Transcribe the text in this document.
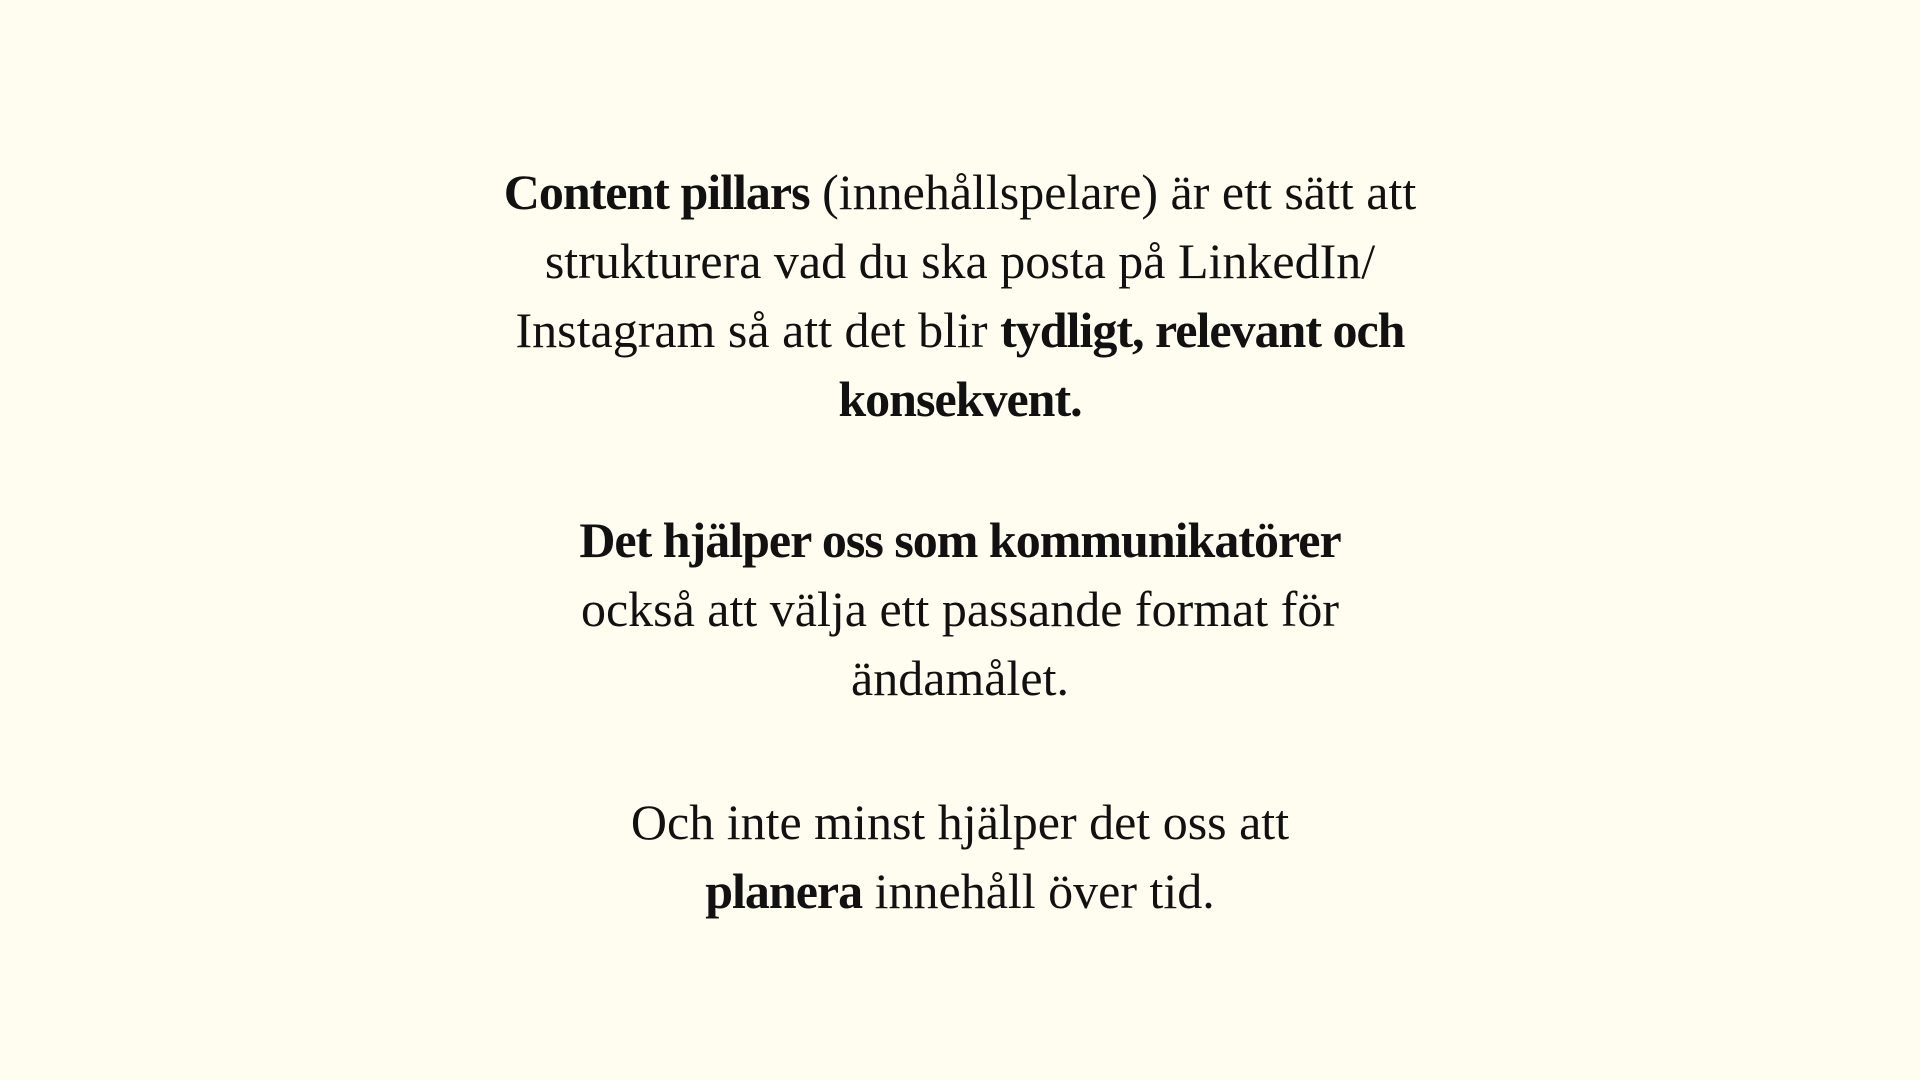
Content pillars (innehållspelare) är ett sätt att
strukturera vad du ska posta på LinkedIn/
Instagram så att det blir tydligt, relevant och
konsekvent.
Det hjälper oss som kommunikatörer
också att välja ett passande format för
ändamålet.
Och inte minst hjälper det oss att
planera innehåll över tid.
